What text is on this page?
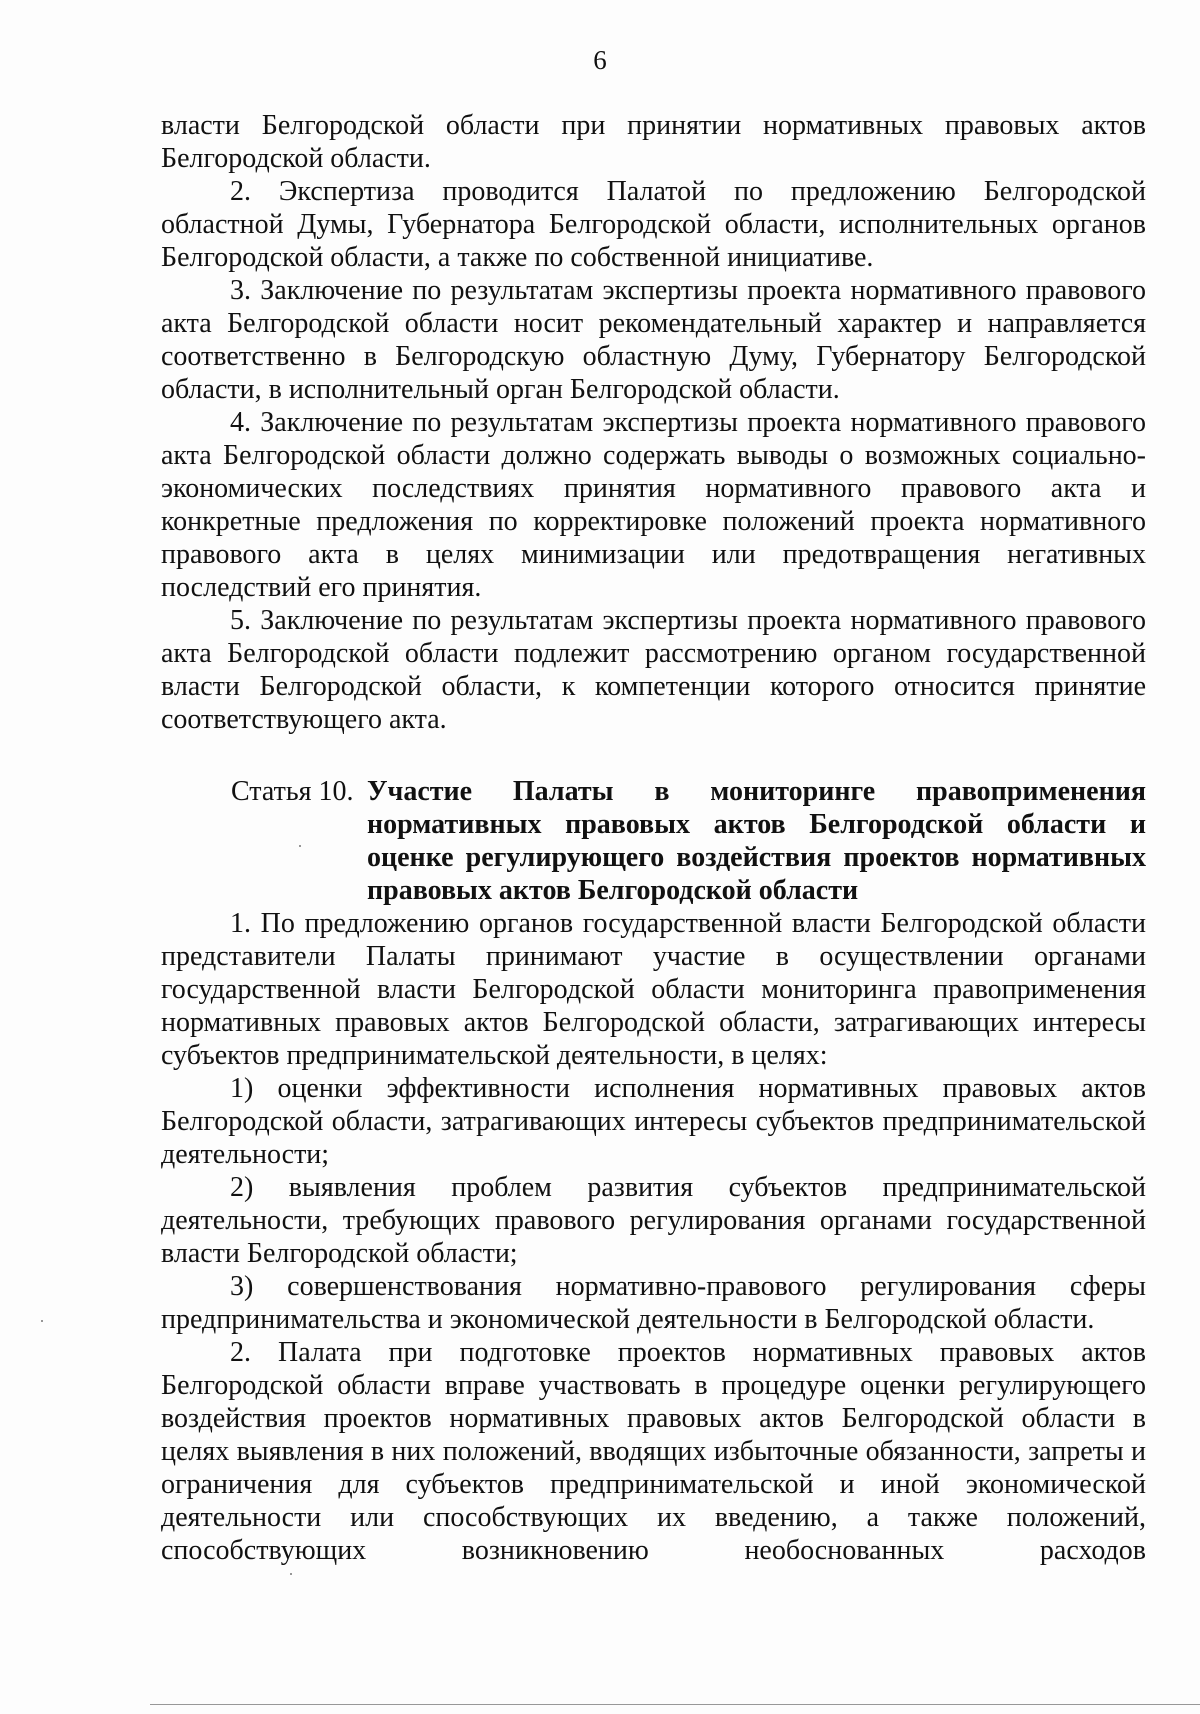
6

власти Белгородской области при принятии нормативных правовых актов Белгородской области.

2. Экспертиза проводится Палатой по предложению Белгородской областной Думы, Губернатора Белгородской области, исполнительных органов Белгородской области, а также по собственной инициативе.

3. Заключение по результатам экспертизы проекта нормативного правового акта Белгородской области носит рекомендательный характер и направляется соответственно в Белгородскую областную Думу, Губернатору Белгородской области, в исполнительный орган Белгородской области.

4. Заключение по результатам экспертизы проекта нормативного правового акта Белгородской области должно содержать выводы о возможных социально-экономических последствиях принятия нормативного правового акта и конкретные предложения по корректировке положений проекта нормативного правового акта в целях минимизации или предотвращения негативных последствий его принятия.

5. Заключение по результатам экспертизы проекта нормативного правового акта Белгородской области подлежит рассмотрению органом государственной власти Белгородской области, к компетенции которого относится принятие соответствующего акта.

Статья 10. Участие Палаты в мониторинге правоприменения нормативных правовых актов Белгородской области и оценке регулирующего воздействия проектов нормативных правовых актов Белгородской области

1. По предложению органов государственной власти Белгородской области представители Палаты принимают участие в осуществлении органами государственной власти Белгородской области мониторинга правоприменения нормативных правовых актов Белгородской области, затрагивающих интересы субъектов предпринимательской деятельности, в целях:

1) оценки эффективности исполнения нормативных правовых актов Белгородской области, затрагивающих интересы субъектов предпринимательской деятельности;

2) выявления проблем развития субъектов предпринимательской деятельности, требующих правового регулирования органами государственной власти Белгородской области;

3) совершенствования нормативно-правового регулирования сферы предпринимательства и экономической деятельности в Белгородской области.

2. Палата при подготовке проектов нормативных правовых актов Белгородской области вправе участвовать в процедуре оценки регулирующего воздействия проектов нормативных правовых актов Белгородской области в целях выявления в них положений, вводящих избыточные обязанности, запреты и ограничения для субъектов предпринимательской и иной экономической деятельности или способствующих их введению, а также положений, способствующих возникновению необоснованных расходов
